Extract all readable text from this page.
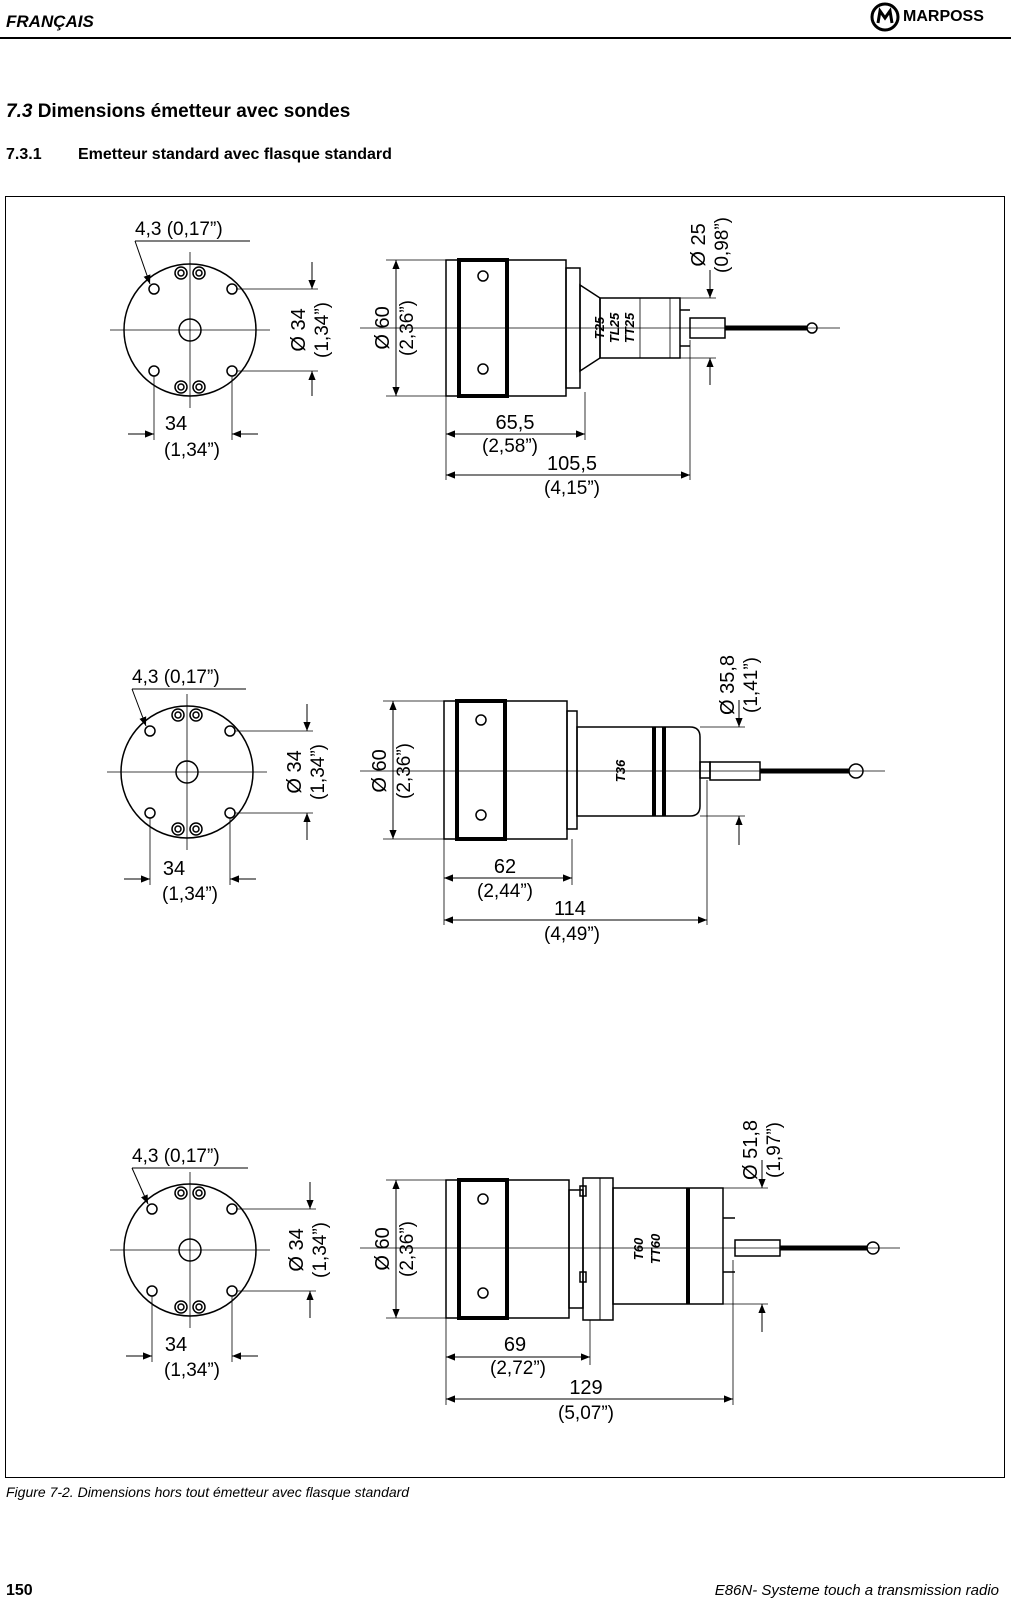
FRANÇAIS	MARPOSS
7.3 Dimensions émetteur avec sondes
7.3.1 Emetteur standard avec flasque standard
4,3 (0,17”)
34
(1,34”)
Ø 34 (1,34”) Ø 60 (2,36”)
Ø 25 (0,98”)
T25 TL25 TT25
65,5
(2,58”)
105,5
(4,15”)
4,3 (0,17”)
34
(1,34”)
Ø 34 (1,34”) Ø 60 (2,36”)
Ø 35,8 (1,41”)
T36
62
(2,44”)
114
(4,49”)
4,3 (0,17”)
34
(1,34”)
Ø 34 (1,34”) Ø 60 (2,36”)
Ø 51,8 (1,97”)
T60 TT60
69
(2,72”)
129
(5,07”)
Figure 7-2. Dimensions hors tout émetteur avec flasque standard
150	E86N- Systeme touch a transmission radio
